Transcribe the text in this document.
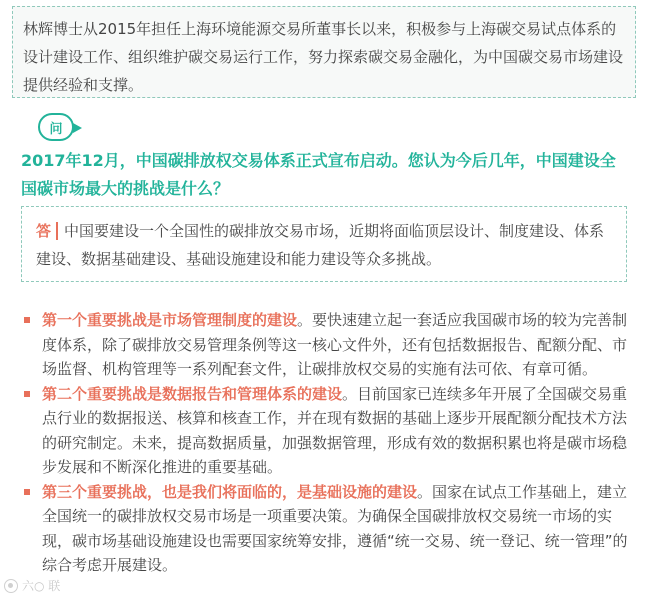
林辉博士从2015年担任上海环境能源交易所董事长以来，积极参与上海碳交易试点体系的设计建设工作、组织维护碳交易运行工作，努力探索碳交易金融化，为中国碳交易市场建设提供经验和支撑。
问

2017年12月，中国碳排放权交易体系正式宣布启动。您认为今后几年，中国建设全国碳市场最大的挑战是什么？

答 中国要建设一个全国性的碳排放交易市场，近期将面临顶层设计、制度建设、体系建设、数据基础建设、基础设施建设和能力建设等众多挑战。
第一个重要挑战是市场管理制度的建设。要快速建立起一套适应我国碳市场的较为完善制度体系，除了碳排放交易管理条例等这一核心文件外，还有包括数据报告、配额分配、市场监督、机构管理等一系列配套文件，让碳排放权交易的实施有法可依、有章可循。
第二个重要挑战是数据报告和管理体系的建设。目前国家已连续多年开展了全国碳交易重点行业的数据报送、核算和核查工作，并在现有数据的基础上逐步开展配额分配技术方法的研究制定。未来，提高数据质量，加强数据管理，形成有效的数据积累也将是碳市场稳步发展和不断深化推进的重要基础。
第三个重要挑战，也是我们将面临的，是基础设施的建设。国家在试点工作基础上，建立全国统一的碳排放权交易市场是一项重要决策。为确保全国碳排放权交易统一市场的实现，碳市场基础设施建设也需要国家统筹安排，遵循“统一交易、统一登记、统一管理”的综合考虑开展建设。
六○ 联
